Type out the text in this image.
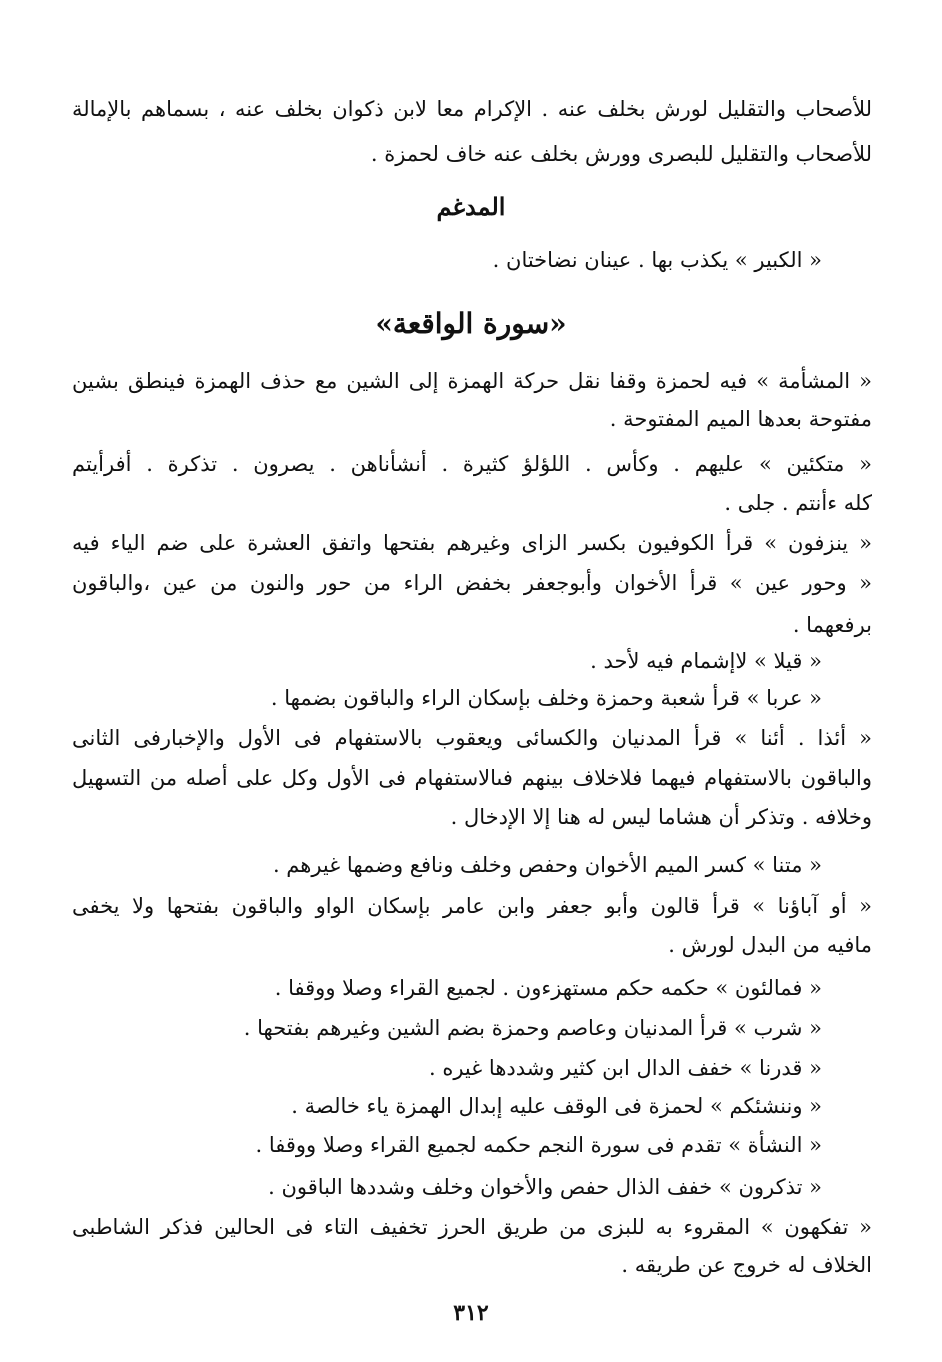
للأصحاب والتقليل لورش بخلف عنه . الإكرام معا لابن ذكوان بخلف عنه ، بسماهم بالإمالة
للأصحاب والتقليل للبصرى وورش بخلف عنه خاف لحمزة .
المدغم
« الكبير » يكذب بها . عينان نضاختان .
«سورة الواقعة»
« المشأمة » فيه لحمزة وقفا نقل حركة الهمزة إلى الشين مع حذف الهمزة فينطق بشين
مفتوحة بعدها الميم المفتوحة .
« متكئين » عليهم . وكأس . اللؤلؤ كثيرة . أنشأناهن . يصرون . تذكرة . أفرأيتم
كله ءأنتم . جلى .
« ينزفون » قرأ الكوفيون بكسر الزاى وغيرهم بفتحها واتفق العشرة على ضم الياء فيه
« وحور عين » قرأ الأخوان وأبوجعفر بخفض الراء من حور والنون من عين ،والباقون
برفعهما .
« قيلا » لاإشمام فيه لأحد .
« عربا » قرأ شعبة وحمزة وخلف بإسكان الراء والباقون بضمها .
« أئذا . أئنا » قرأ المدنيان والكسائى ويعقوب بالاستفهام فى الأول والإخبارفى الثانى
والباقون بالاستفهام فيهما فلاخلاف بينهم فىالاستفهام فى الأول وكل على أصله من التسهيل
وخلافه . وتذكر أن هشاما ليس له هنا إلا الإدخال .
« متنا » كسر الميم الأخوان وحفص وخلف ونافع وضمها غيرهم .
« أو آباؤنا » قرأ قالون وأبو جعفر وابن عامر بإسكان الواو والباقون بفتحها ولا يخفى
مافيه من البدل لورش .
« فمالئون » حكمه حكم مستهزءون . لجميع القراء وصلا ووقفا .
« شرب » قرأ المدنيان وعاصم وحمزة بضم الشين وغيرهم بفتحها .
« قدرنا » خفف الدال ابن كثير وشددها غيره .
« وننشئكم » لحمزة فى الوقف عليه إبدال الهمزة ياء خالصة .
« النشأة » تقدم فى سورة النجم حكمه لجميع القراء وصلا ووقفا .
« تذكرون » خفف الذال حفص والأخوان وخلف وشددها الباقون .
« تفكهون » المقروء به للبزى من طريق الحرز تخفيف التاء فى الحالين فذكر الشاطبى
الخلاف له خروج عن طريقه .
٣١٢
